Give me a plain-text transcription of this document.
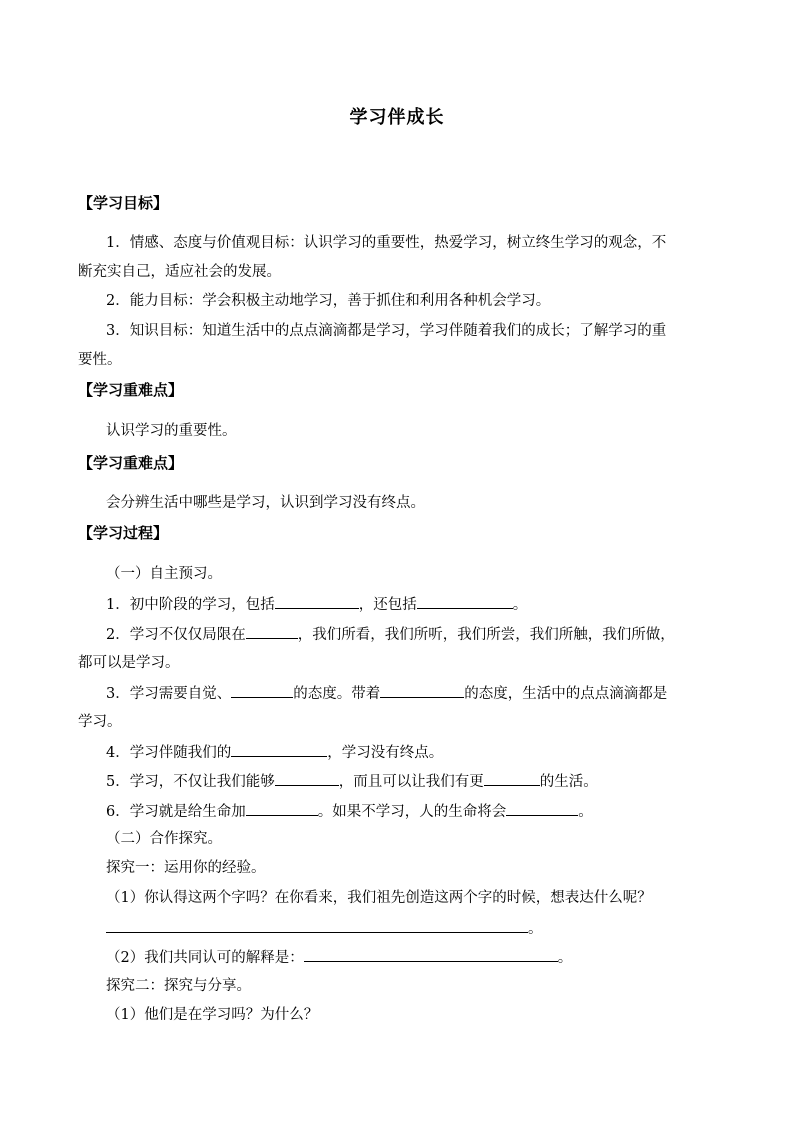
学习伴成长
【学习目标】
1．情感、态度与价值观目标：认识学习的重要性，热爱学习，树立终生学习的观念，不
断充实自己，适应社会的发展。
2．能力目标：学会积极主动地学习，善于抓住和利用各种机会学习。
3．知识目标：知道生活中的点点滴滴都是学习，学习伴随着我们的成长；了解学习的重
要性。
【学习重难点】
认识学习的重要性。
【学习重难点】
会分辨生活中哪些是学习，认识到学习没有终点。
【学习过程】
（一）自主预习。
1．初中阶段的学习，包括	，还包括	。
2．学习不仅仅局限在	，我们所看，我们所听，我们所尝，我们所触，我们所做，
都可以是学习。
3．学习需要自觉、	的态度。带着	的态度，生活中的点点滴滴都是
学习。
4．学习伴随我们的	，学习没有终点。
5．学习，不仅让我们能够	，而且可以让我们有更	的生活。
6．学习就是给生命加	。如果不学习，人的生命将会	。
（二）合作探究。
探究一：运用你的经验。
（1）你认得这两个字吗？在你看来，我们祖先创造这两个字的时候，想表达什么呢？
。
（2）我们共同认可的解释是：	。
探究二：探究与分享。
（1）他们是在学习吗？为什么？
